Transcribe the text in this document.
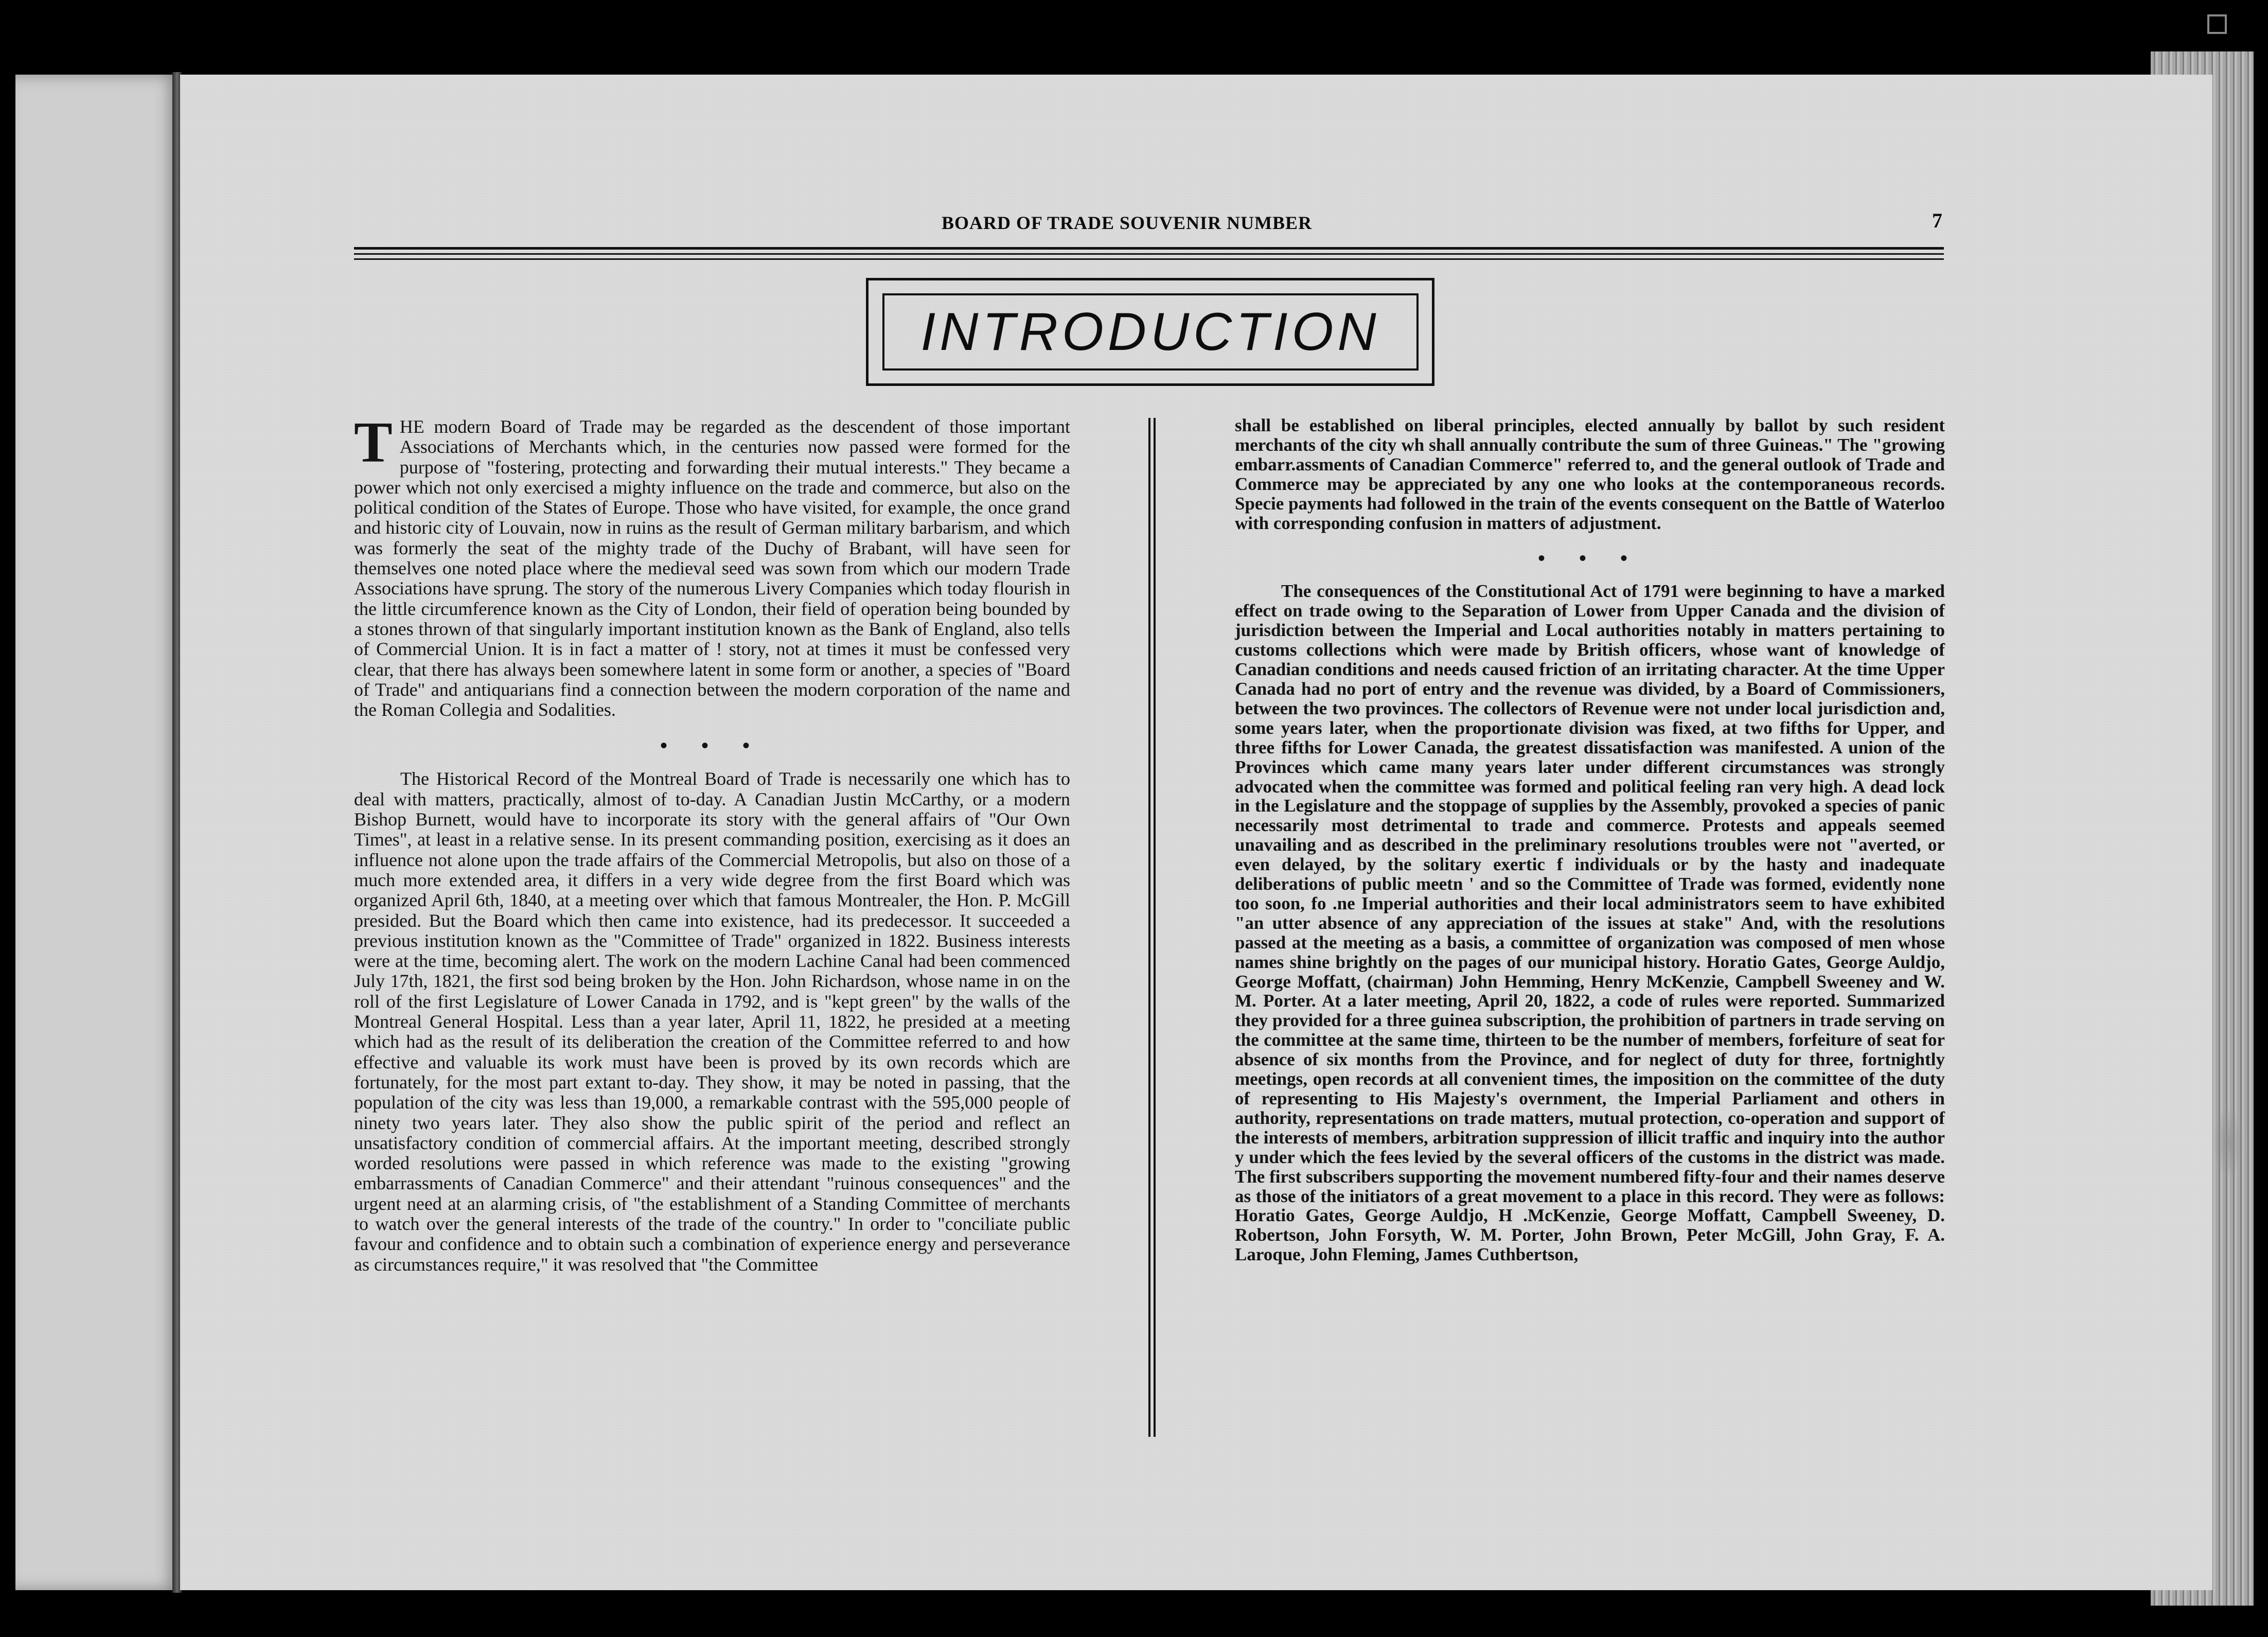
BOARD OF TRADE SOUVENIR NUMBER	7
INTRODUCTION

THE modern Board of Trade may be regarded as the descendent of those important Associations of Merchants which, in the centuries now passed were formed for the purpose of "fostering, protecting and forwarding their mutual interests." They became a power which not only exercised a mighty influence on the trade and commerce, but also on the political condition of the States of Europe. Those who have visited, for example, the once grand and historic city of Louvain, now in ruins as the result of German military barbarism, and which was formerly the seat of the mighty trade of the Duchy of Brabant, will have seen for themselves one noted place where the medieval seed was sown from which our modern Trade Associations have sprung. The story of the numerous Livery Companies which today flourish in the little circumference known as the City of London, their field of operation being bounded by a stones thrown of that singularly important institution known as the Bank of England, also tells of Commercial Union. It is in fact a matter of ! story, not at times it must be confessed very clear, that there has always been somewhere latent in some form or another, a species of "Board of Trade" and antiquarians find a connection between the modern corporation of the name and the Roman Collegia and Sodalities.

• • •

The Historical Record of the Montreal Board of Trade is necessarily one which has to deal with matters, practically, almost of to-day. A Canadian Justin McCarthy, or a modern Bishop Burnett, would have to incorporate its story with the general affairs of "Our Own Times", at least in a relative sense. In its present commanding position, exercising as it does an influence not alone upon the trade affairs of the Commercial Metropolis, but also on those of a much more extended area, it differs in a very wide degree from the first Board which was organized April 6th, 1840, at a meeting over which that famous Montrealer, the Hon. P. McGill presided. But the Board which then came into existence, had its predecessor. It succeeded a previous institution known as the "Committee of Trade" organized in 1822. Business interests were at the time, becoming alert. The work on the modern Lachine Canal had been commenced July 17th, 1821, the first sod being broken by the Hon. John Richardson, whose name in on the roll of the first Legislature of Lower Canada in 1792, and is "kept green" by the walls of the Montreal General Hospital. Less than a year later, April 11, 1822, he presided at a meeting which had as the result of its deliberation the creation of the Committee referred to and how effective and valuable its work must have been is proved by its own records which are fortunately, for the most part extant to-day. They show, it may be noted in passing, that the population of the city was less than 19,000, a remarkable contrast with the 595,000 people of ninety two years later. They also show the public spirit of the period and reflect an unsatisfactory condition of commercial affairs. At the important meeting, described strongly worded resolutions were passed in which reference was made to the existing "growing embarrassments of Canadian Commerce" and their attendant "ruinous consequences" and the urgent need at an alarming crisis, of "the establishment of a Standing Committee of merchants to watch over the general interests of the trade of the country." In order to "conciliate public favour and confidence and to obtain such a combination of experience energy and perseverance as circumstances require," it was resolved that "the Committee

shall be established on liberal principles, elected annually by ballot by such resident merchants of the city wh shall annually contribute the sum of three Guineas." The "growing embarr.assments of Canadian Commerce" referred to, and the general outlook of Trade and Commerce may be appreciated by any one who looks at the contemporaneous records. Specie payments had followed in the train of the events consequent on the Battle of Waterloo with corresponding confusion in matters of adjustment.

• • •

The consequences of the Constitutional Act of 1791 were beginning to have a marked effect on trade owing to the Separation of Lower from Upper Canada and the division of jurisdiction between the Imperial and Local authorities notably in matters pertaining to customs collections which were made by British officers, whose want of knowledge of Canadian conditions and needs caused friction of an irritating character. At the time Upper Canada had no port of entry and the revenue was divided, by a Board of Commissioners, between the two provinces. The collectors of Revenue were not under local jurisdiction and, some years later, when the proportionate division was fixed, at two fifths for Upper, and three fifths for Lower Canada, the greatest dissatisfaction was manifested. A union of the Provinces which came many years later under different circumstances was strongly advocated when the committee was formed and political feeling ran very high. A dead lock in the Legislature and the stoppage of supplies by the Assembly, provoked a species of panic necessarily most detrimental to trade and commerce. Protests and appeals seemed unavailing and as described in the preliminary resolutions troubles were not "averted, or even delayed, by the solitary exertic f individuals or by the hasty and inadequate deliberations of public meetn ' and so the Committee of Trade was formed, evidently none too soon, fo .ne Imperial authorities and their local administrators seem to have exhibited "an utter absence of any appreciation of the issues at stake" And, with the resolutions passed at the meeting as a basis, a committee of organization was composed of men whose names shine brightly on the pages of our municipal history. Horatio Gates, George Auldjo, George Moffatt, (chairman) John Hemming, Henry McKenzie, Campbell Sweeney and W. M. Porter. At a later meeting, April 20, 1822, a code of rules were reported. Summarized they provided for a three guinea subscription, the prohibition of partners in trade serving on the committee at the same time, thirteen to be the number of members, forfeiture of seat for absence of six months from the Province, and for neglect of duty for three, fortnightly meetings, open records at all convenient times, the imposition on the committee of the duty of representing to His Majesty's overnment, the Imperial Parliament and others in authority, representations on trade matters, mutual protection, co-operation and support of the interests of members, arbitration suppression of illicit traffic and inquiry into the author y under which the fees levied by the several officers of the customs in the district was made. The first subscribers supporting the movement numbered fifty-four and their names deserve as those of the initiators of a great movement to a place in this record. They were as follows: Horatio Gates, George Auldjo, H .McKenzie, George Moffatt, Campbell Sweeney, D. Robertson, John Forsyth, W. M. Porter, John Brown, Peter McGill, John Gray, F. A. Laroque, John Fleming, James Cuthbertson,
